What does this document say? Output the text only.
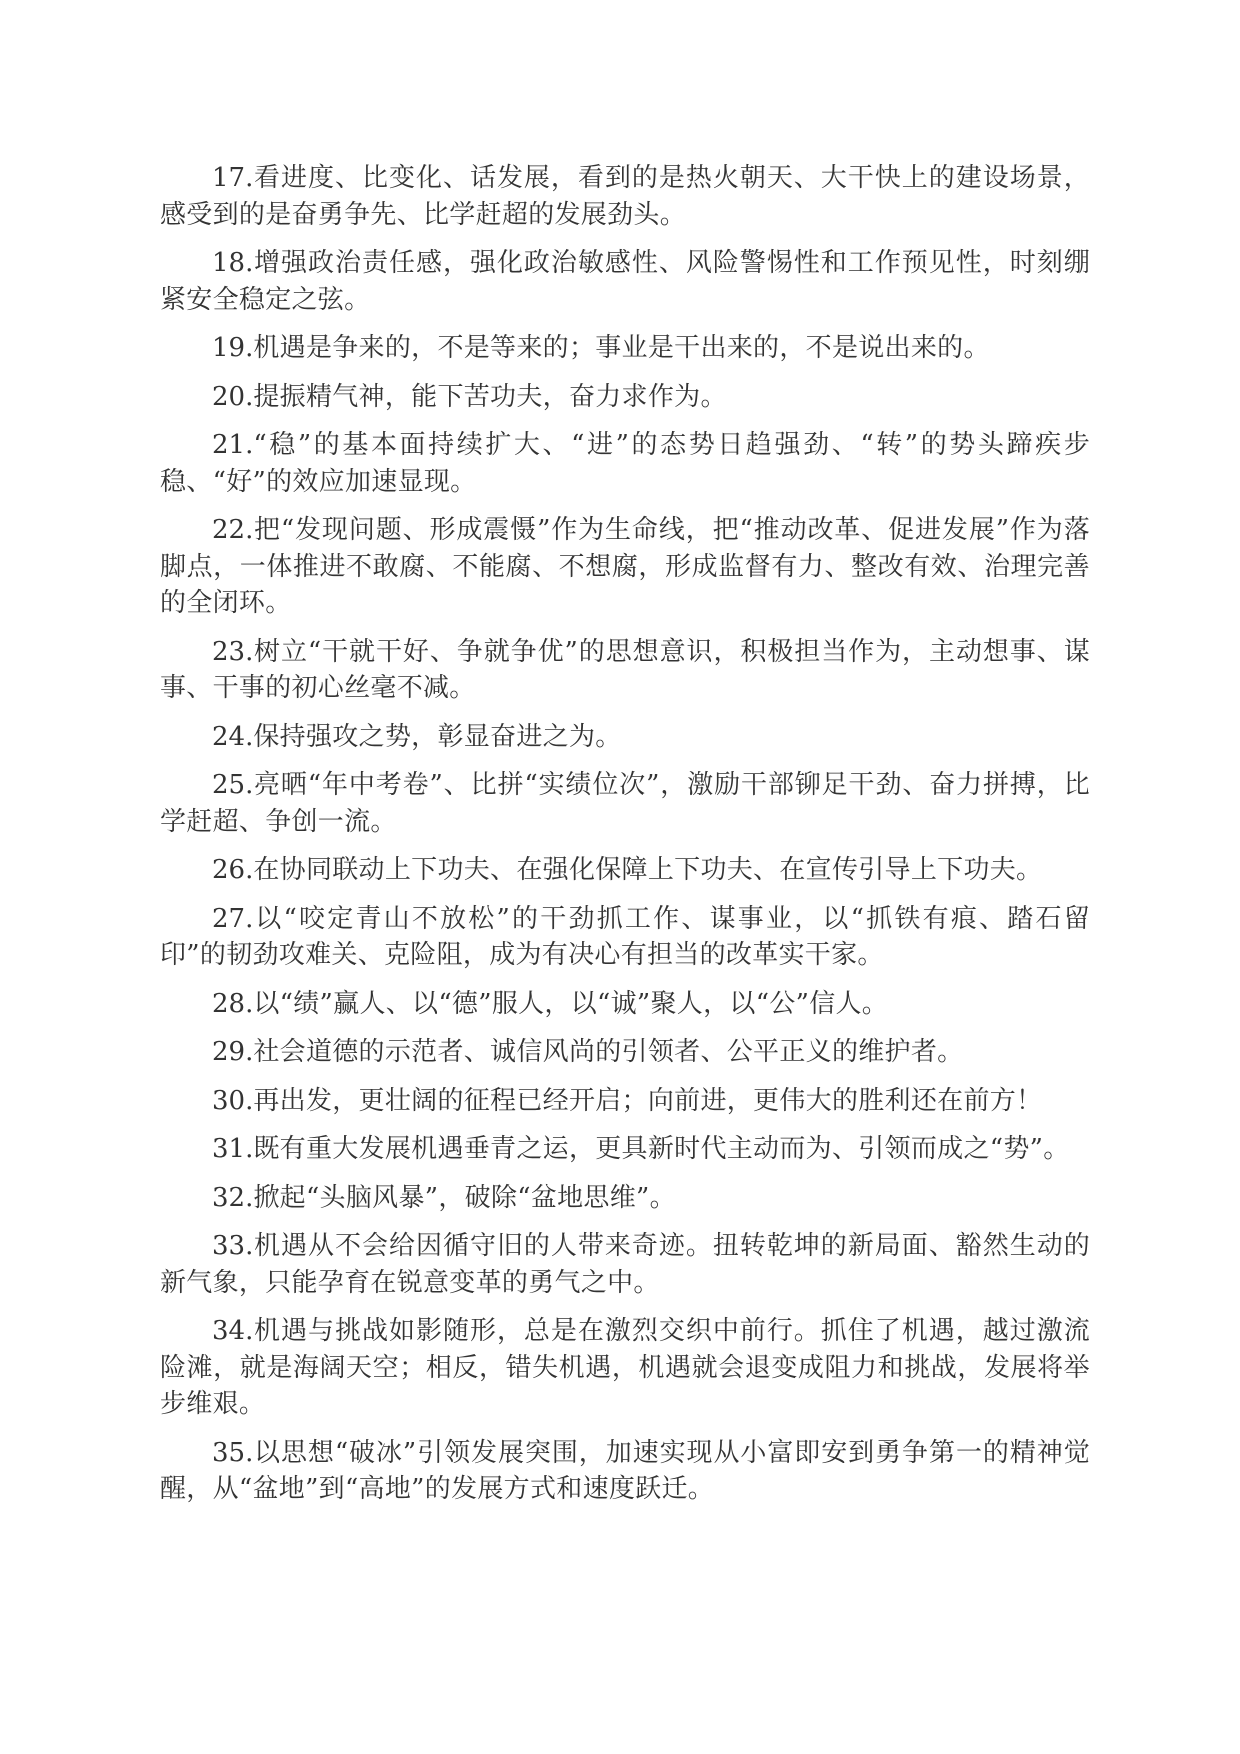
17.看进度、比变化、话发展，看到的是热火朝天、大干快上的建设场景，感受到的是奋勇争先、比学赶超的发展劲头。

18.增强政治责任感，强化政治敏感性、风险警惕性和工作预见性，时刻绷紧安全稳定之弦。

19.机遇是争来的，不是等来的；事业是干出来的，不是说出来的。

20.提振精气神，能下苦功夫，奋力求作为。

21.“稳”的基本面持续扩大、“进”的态势日趋强劲、“转”的势头蹄疾步稳、“好”的效应加速显现。

22.把“发现问题、形成震慑”作为生命线，把“推动改革、促进发展”作为落脚点，一体推进不敢腐、不能腐、不想腐，形成监督有力、整改有效、治理完善的全闭环。

23.树立“干就干好、争就争优”的思想意识，积极担当作为，主动想事、谋事、干事的初心丝毫不减。

24.保持强攻之势，彰显奋进之为。

25.亮晒“年中考卷”、比拼“实绩位次”，激励干部铆足干劲、奋力拼搏，比学赶超、争创一流。

26.在协同联动上下功夫、在强化保障上下功夫、在宣传引导上下功夫。

27.以“咬定青山不放松”的干劲抓工作、谋事业，以“抓铁有痕、踏石留印”的韧劲攻难关、克险阻，成为有决心有担当的改革实干家。

28.以“绩”赢人、以“德”服人，以“诚”聚人，以“公”信人。

29.社会道德的示范者、诚信风尚的引领者、公平正义的维护者。

30.再出发，更壮阔的征程已经开启；向前进，更伟大的胜利还在前方！

31.既有重大发展机遇垂青之运，更具新时代主动而为、引领而成之“势”。

32.掀起“头脑风暴”，破除“盆地思维”。

33.机遇从不会给因循守旧的人带来奇迹。扭转乾坤的新局面、豁然生动的新气象，只能孕育在锐意变革的勇气之中。

34.机遇与挑战如影随形，总是在激烈交织中前行。抓住了机遇，越过激流险滩，就是海阔天空；相反，错失机遇，机遇就会退变成阻力和挑战，发展将举步维艰。

35.以思想“破冰”引领发展突围，加速实现从小富即安到勇争第一的精神觉醒，从“盆地”到“高地”的发展方式和速度跃迁。
